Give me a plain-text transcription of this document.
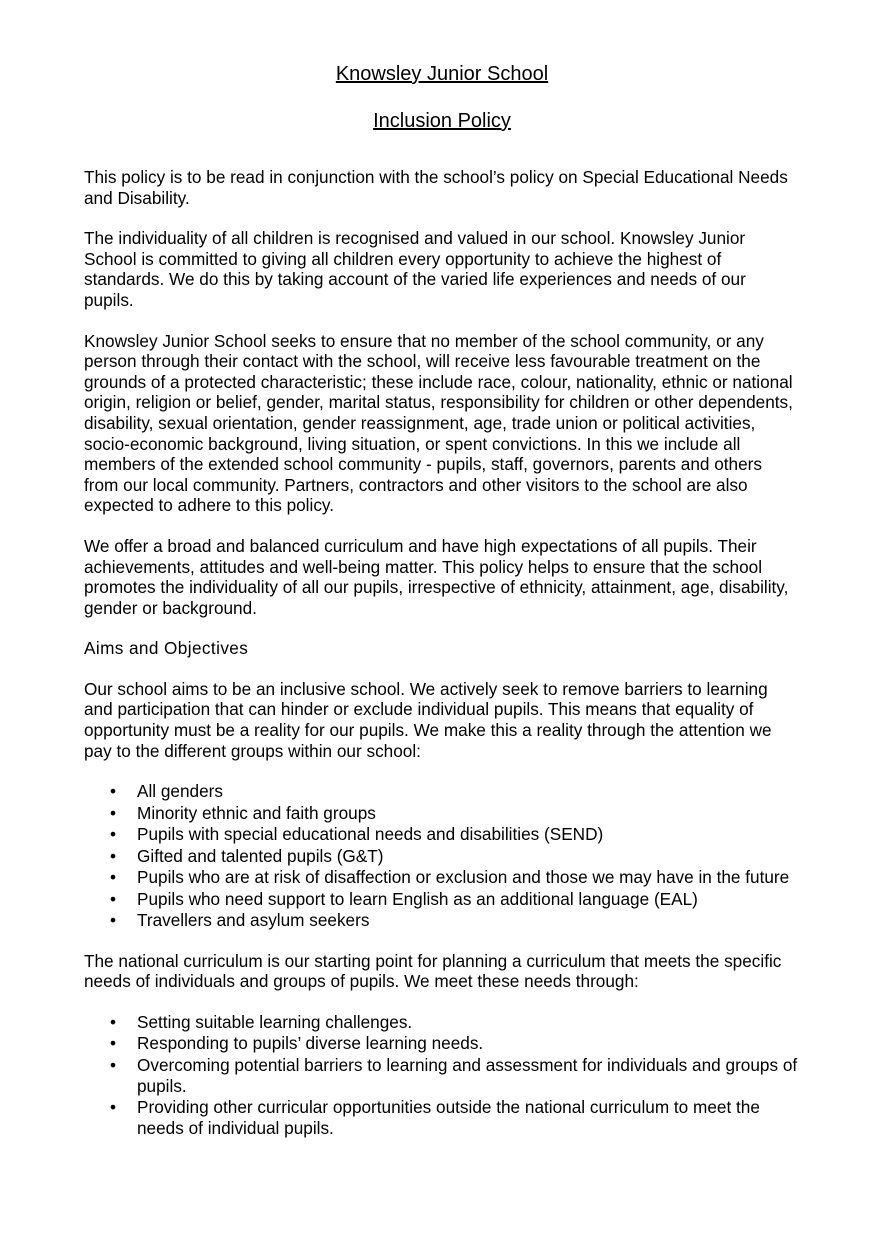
Knowsley Junior School
Inclusion Policy

This policy is to be read in conjunction with the school’s policy on Special Educational Needs and Disability.

The individuality of all children is recognised and valued in our school. Knowsley Junior School is committed to giving all children every opportunity to achieve the highest of standards. We do this by taking account of the varied life experiences and needs of our pupils.

Knowsley Junior School seeks to ensure that no member of the school community, or any person through their contact with the school, will receive less favourable treatment on the grounds of a protected characteristic; these include race, colour, nationality, ethnic or national origin, religion or belief, gender, marital status, responsibility for children or other dependents, disability, sexual orientation, gender reassignment, age, trade union or political activities, socio-economic background, living situation, or spent convictions. In this we include all members of the extended school community - pupils, staff, governors, parents and others from our local community. Partners, contractors and other visitors to the school are also expected to adhere to this policy.

We offer a broad and balanced curriculum and have high expectations of all pupils. Their achievements, attitudes and well-being matter. This policy helps to ensure that the school promotes the individuality of all our pupils, irrespective of ethnicity, attainment, age, disability, gender or background.

Aims and Objectives

Our school aims to be an inclusive school. We actively seek to remove barriers to learning and participation that can hinder or exclude individual pupils. This means that equality of opportunity must be a reality for our pupils. We make this a reality through the attention we pay to the different groups within our school:

• All genders
• Minority ethnic and faith groups
• Pupils with special educational needs and disabilities (SEND)
• Gifted and talented pupils (G&T)
• Pupils who are at risk of disaffection or exclusion and those we may have in the future
• Pupils who need support to learn English as an additional language (EAL)
• Travellers and asylum seekers

The national curriculum is our starting point for planning a curriculum that meets the specific needs of individuals and groups of pupils. We meet these needs through:

• Setting suitable learning challenges.
• Responding to pupils’ diverse learning needs.
• Overcoming potential barriers to learning and assessment for individuals and groups of pupils.
• Providing other curricular opportunities outside the national curriculum to meet the needs of individual pupils.
